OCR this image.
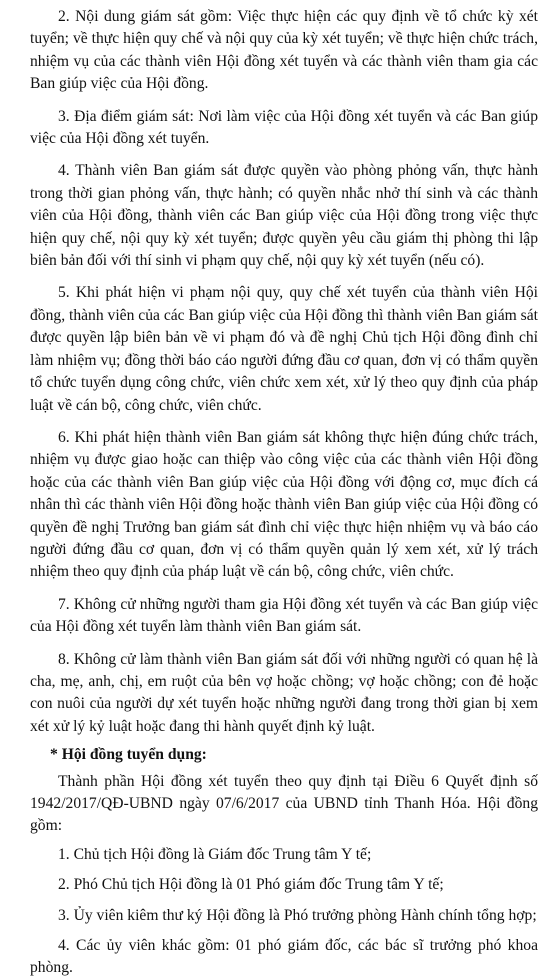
2. Nội dung giám sát gồm: Việc thực hiện các quy định về tổ chức kỳ xét tuyển; về thực hiện quy chế và nội quy của kỳ xét tuyển; về thực hiện chức trách, nhiệm vụ của các thành viên Hội đồng xét tuyển và các thành viên tham gia các Ban giúp việc của Hội đồng.

3. Địa điểm giám sát: Nơi làm việc của Hội đồng xét tuyển và các Ban giúp việc của Hội đồng xét tuyển.

4. Thành viên Ban giám sát được quyền vào phòng phỏng vấn, thực hành trong thời gian phỏng vấn, thực hành; có quyền nhắc nhở thí sinh và các thành viên của Hội đồng, thành viên các Ban giúp việc của Hội đồng trong việc thực hiện quy chế, nội quy kỳ xét tuyển; được quyền yêu cầu giám thị phòng thi lập biên bản đối với thí sinh vi phạm quy chế, nội quy kỳ xét tuyển (nếu có).

5. Khi phát hiện vi phạm nội quy, quy chế xét tuyển của thành viên Hội đồng, thành viên của các Ban giúp việc của Hội đồng thì thành viên Ban giám sát được quyền lập biên bản về vi phạm đó và đề nghị Chủ tịch Hội đồng đình chỉ làm nhiệm vụ; đồng thời báo cáo người đứng đầu cơ quan, đơn vị có thẩm quyền tổ chức tuyển dụng công chức, viên chức xem xét, xử lý theo quy định của pháp luật về cán bộ, công chức, viên chức.

6. Khi phát hiện thành viên Ban giám sát không thực hiện đúng chức trách, nhiệm vụ được giao hoặc can thiệp vào công việc của các thành viên Hội đồng hoặc của các thành viên Ban giúp việc của Hội đồng với động cơ, mục đích cá nhân thì các thành viên Hội đồng hoặc thành viên Ban giúp việc của Hội đồng có quyền đề nghị Trưởng ban giám sát đình chỉ việc thực hiện nhiệm vụ và báo cáo người đứng đầu cơ quan, đơn vị có thẩm quyền quản lý xem xét, xử lý trách nhiệm theo quy định của pháp luật về cán bộ, công chức, viên chức.

7. Không cử những người tham gia Hội đồng xét tuyển và các Ban giúp việc của Hội đồng xét tuyển làm thành viên Ban giám sát.

8. Không cử làm thành viên Ban giám sát đối với những người có quan hệ là cha, mẹ, anh, chị, em ruột của bên vợ hoặc chồng; vợ hoặc chồng; con đẻ hoặc con nuôi của người dự xét tuyển hoặc những người đang trong thời gian bị xem xét xử lý kỷ luật hoặc đang thi hành quyết định kỷ luật.

* Hội đồng tuyển dụng:

Thành phần Hội đồng xét tuyển theo quy định tại Điều 6 Quyết định số 1942/2017/QĐ-UBND ngày 07/6/2017 của UBND tỉnh Thanh Hóa. Hội đồng gồm:

1. Chủ tịch Hội đồng là Giám đốc Trung tâm Y tế;

2. Phó Chủ tịch Hội đồng là 01 Phó giám đốc Trung tâm Y tế;

3. Ủy viên kiêm thư ký Hội đồng là Phó trưởng phòng Hành chính tổng hợp;

4. Các ủy viên khác gồm: 01 phó giám đốc, các bác sĩ trưởng phó khoa phòng.
